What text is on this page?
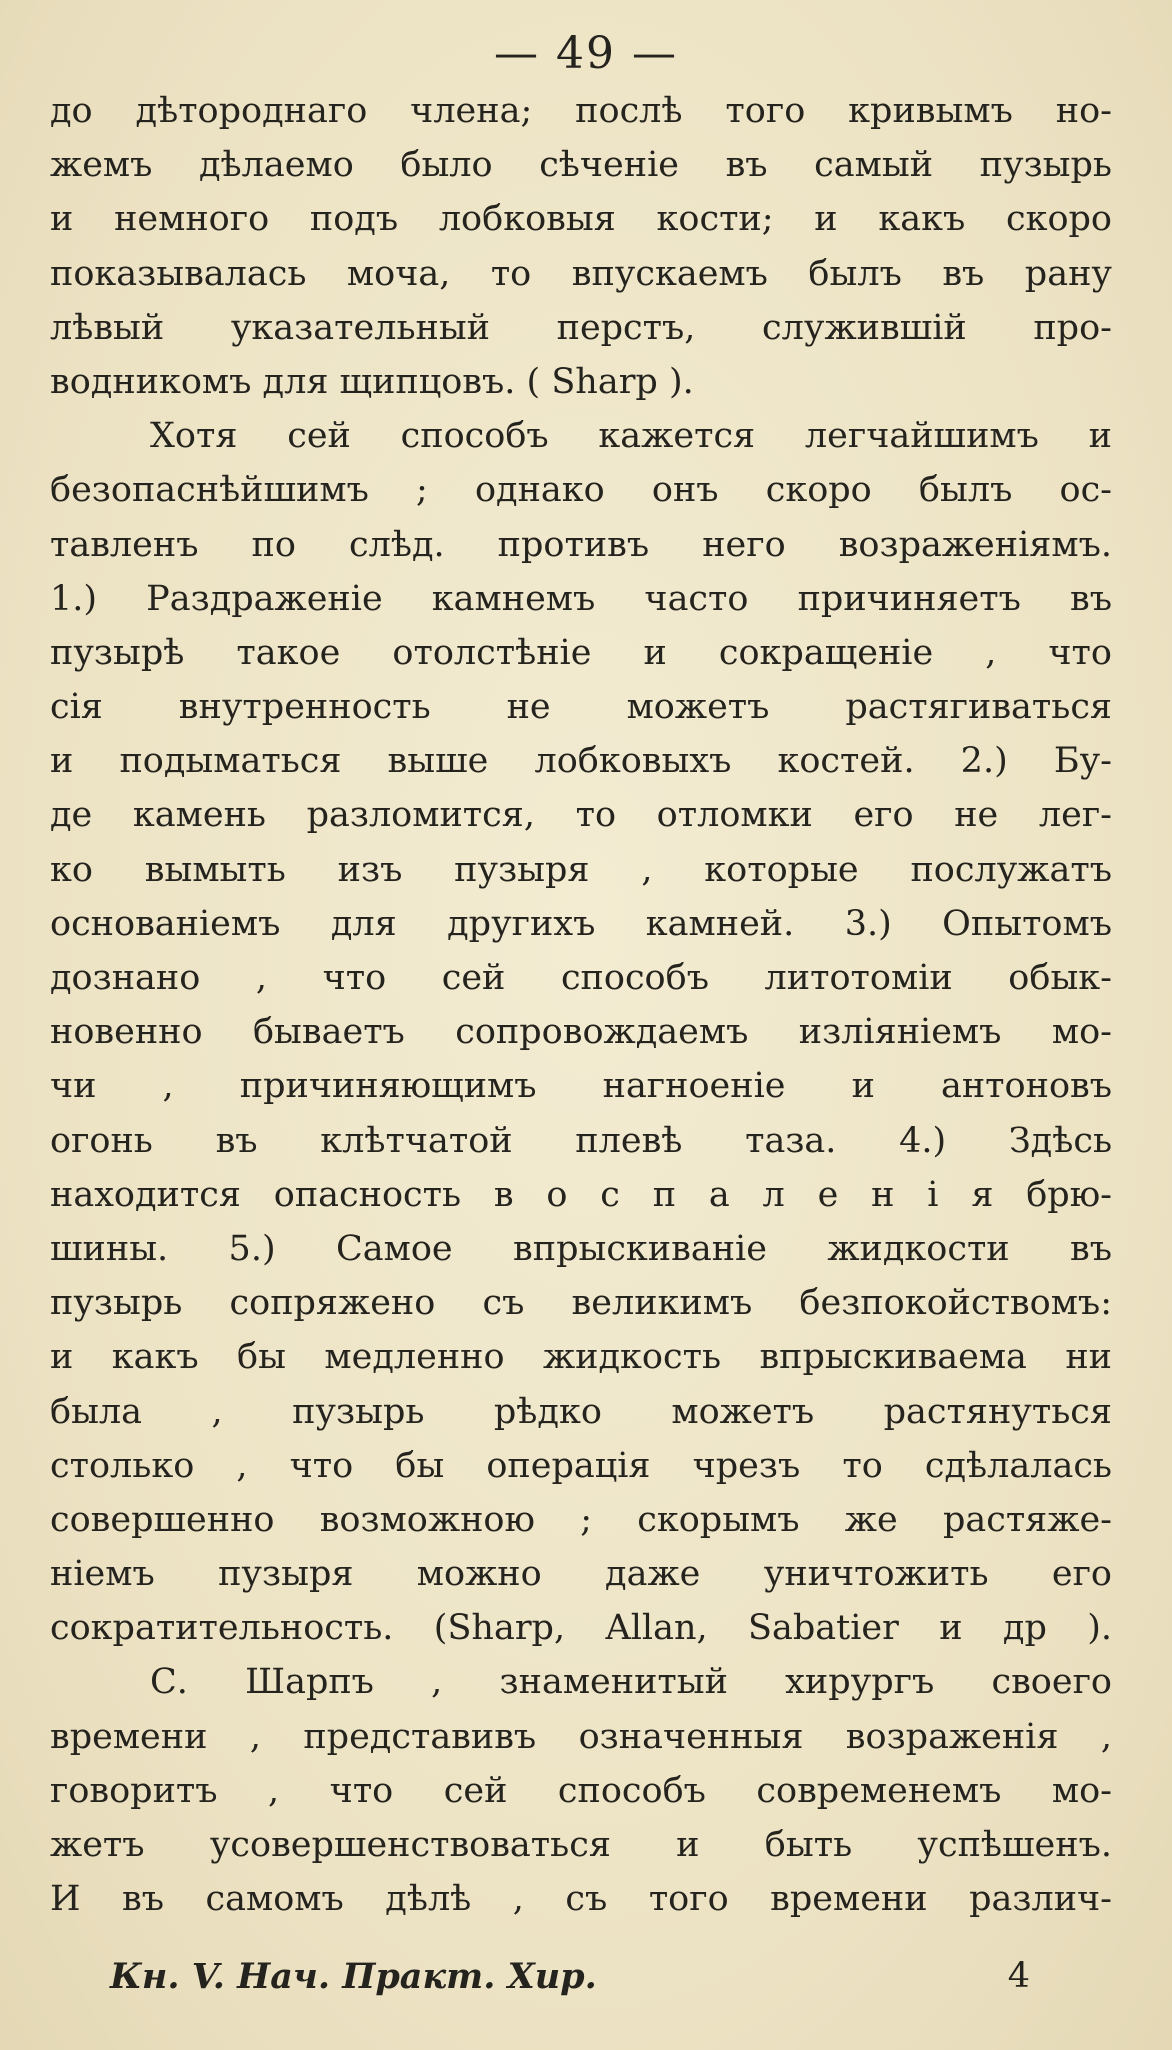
— 49 —
до дѣтороднаго члена; послѣ того кривымъ но-
жемъ дѣлаемо было сѣченіе въ самый пузырь
и немного подъ лобковыя кости; и какъ скоро
показывалась моча, то впускаемъ былъ въ рану
лѣвый указательный перстъ, служившій про-
водникомъ для щипцовъ. ( Sharp ).
Хотя сей способъ кажется легчайшимъ и
безопаснѣйшимъ ; однако онъ скоро былъ ос-
тавленъ по слѣд. противъ него возраженіямъ.
1.) Раздраженіе камнемъ часто причиняетъ въ
пузырѣ такое отолстѣніе и сокращеніе , что
сія внутренность не можетъ растягиваться
и подыматься выше лобковыхъ костей. 2.) Бу-
де камень разломится, то отломки его не лег-
ко вымыть изъ пузыря , которые послужатъ
основаніемъ для другихъ камней. 3.) Опытомъ
дознано , что сей способъ литотоміи обык-
новенно бываетъ сопровождаемъ изліяніемъ мо-
чи , причиняющимъ нагноеніе и антоновъ
огонь въ клѣтчатой плевѣ таза. 4.) Здѣсь
находится опасность в о с п а л е н і я брю-
шины. 5.) Самое впрыскиваніе жидкости въ
пузырь сопряжено съ великимъ безпокойствомъ:
и какъ бы медленно жидкость впрыскиваема ни
была , пузырь рѣдко можетъ растянуться
столько , что бы операція чрезъ то сдѣлалась
совершенно возможною ; скорымъ же растяже-
ніемъ пузыря можно даже уничтожить его
сократительность. (Sharp, Allan, Sabatier и др ).
С. Шарпъ , знаменитый хирургъ своего
времени , представивъ означенныя возраженія ,
говоритъ , что сей способъ современемъ мо-
жетъ усовершенствоваться и быть успѣшенъ.
И въ самомъ дѣлѣ , съ того времени различ-
Кн. V. Нач. Практ. Хир.	4
